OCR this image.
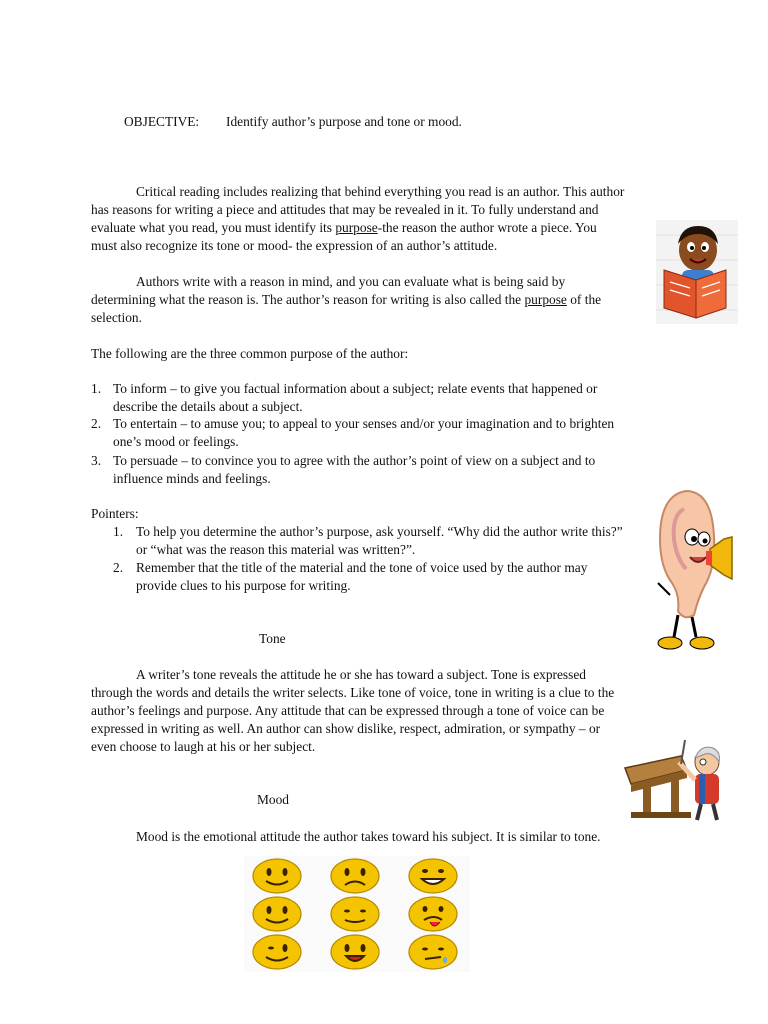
OBJECTIVE: Identify author’s purpose and tone or mood.
Critical reading includes realizing that behind everything you read is an author. This author
has reasons for writing a piece and attitudes that may be revealed in it. To fully understand and
evaluate what you read, you must identify its purpose-the reason the author wrote a piece. You
must also recognize its tone or mood- the expression of an author’s attitude.
Authors write with a reason in mind, and you can evaluate what is being said by
determining what the reason is. The author’s reason for writing is also called the purpose of the
selection.
The following are the three common purpose of the author:
1. To inform – to give you factual information about a subject; relate events that happened or
describe the details about a subject.
2. To entertain – to amuse you; to appeal to your senses and/or your imagination and to brighten
one’s mood or feelings.
3. To persuade – to convince you to agree with the author’s point of view on a subject and to
influence minds and feelings.
Pointers:
1. To help you determine the author’s purpose, ask yourself. “Why did the author write this?”
or “what was the reason this material was written?”.
2. Remember that the title of the material and the tone of voice used by the author may
provide clues to his purpose for writing.
Tone
A writer’s tone reveals the attitude he or she has toward a subject. Tone is expressed
through the words and details the writer selects. Like tone of voice, tone in writing is a clue to the
author’s feelings and purpose. Any attitude that can be expressed through a tone of voice can be
expressed in writing as well. An author can show dislike, respect, admiration, or sympathy – or
even choose to laugh at his or her subject.
Mood
Mood is the emotional attitude the author takes toward his subject. It is similar to tone.
